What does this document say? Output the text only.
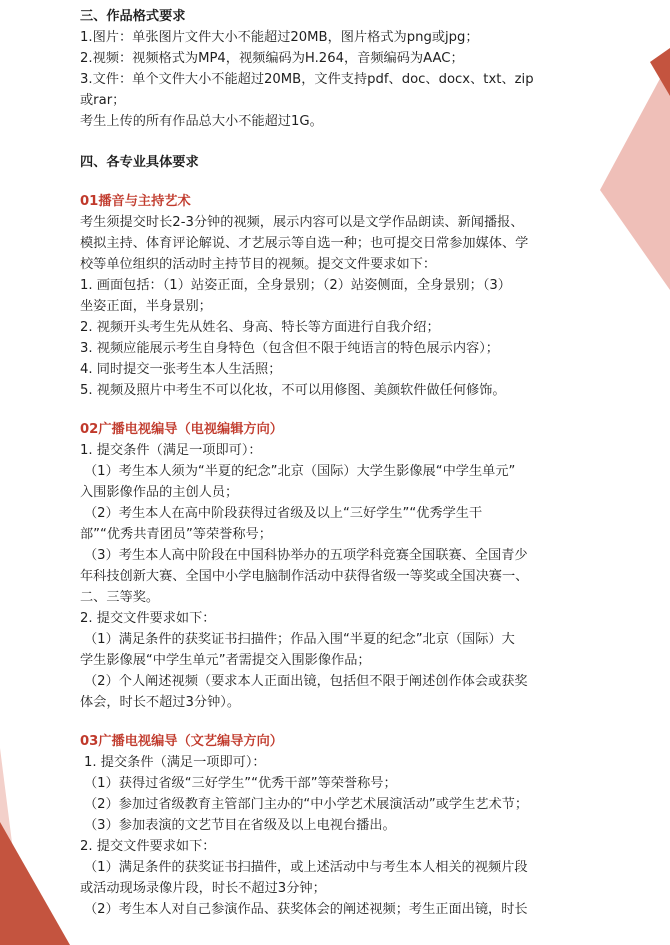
三、作品格式要求

1.图片：单张图片文件大小不能超过20MB，图片格式为png或jpg；

2.视频：视频格式为MP4，视频编码为H.264，音频编码为AAC；

3.文件：单个文件大小不能超过20MB，文件支持pdf、doc、docx、txt、zip

或rar；

考生上传的所有作品总大小不能超过1G。

四、各专业具体要求

01播音与主持艺术

考生须提交时长2-3分钟的视频，展示内容可以是文学作品朗读、新闻播报、

模拟主持、体育评论解说、才艺展示等自选一种；也可提交日常参加媒体、学

校等单位组织的活动时主持节目的视频。提交文件要求如下：

1. 画面包括：（1）站姿正面，全身景别；（2）站姿侧面，全身景别；（3）

坐姿正面，半身景别；

2. 视频开头考生先从姓名、身高、特长等方面进行自我介绍；

3. 视频应能展示考生自身特色（包含但不限于纯语言的特色展示内容）；

4. 同时提交一张考生本人生活照；

5. 视频及照片中考生不可以化妆，不可以用修图、美颜软件做任何修饰。

02广播电视编导（电视编辑方向）

1. 提交条件（满足一项即可）：

（1）考生本人须为“半夏的纪念”北京（国际）大学生影像展“中学生单元”

入围影像作品的主创人员；

（2）考生本人在高中阶段获得过省级及以上“三好学生”“优秀学生干

部”“优秀共青团员”等荣誉称号；

（3）考生本人高中阶段在中国科协举办的五项学科竞赛全国联赛、全国青少

年科技创新大赛、全国中小学电脑制作活动中获得省级一等奖或全国决赛一、

二、三等奖。

2. 提交文件要求如下：

（1）满足条件的获奖证书扫描件；作品入围“半夏的纪念”北京（国际）大

学生影像展“中学生单元”者需提交入围影像作品；

（2）个人阐述视频（要求本人正面出镜，包括但不限于阐述创作体会或获奖

体会，时长不超过3分钟）。

03广播电视编导（文艺编导方向）

1. 提交条件（满足一项即可）：

（1）获得过省级“三好学生”“优秀干部”等荣誉称号；

（2）参加过省级教育主管部门主办的“中小学艺术展演活动”或学生艺术节；

（3）参加表演的文艺节目在省级及以上电视台播出。

2. 提交文件要求如下：

（1）满足条件的获奖证书扫描件，或上述活动中与考生本人相关的视频片段

或活动现场录像片段，时长不超过3分钟；

（2）考生本人对自己参演作品、获奖体会的阐述视频；考生正面出镜，时长
